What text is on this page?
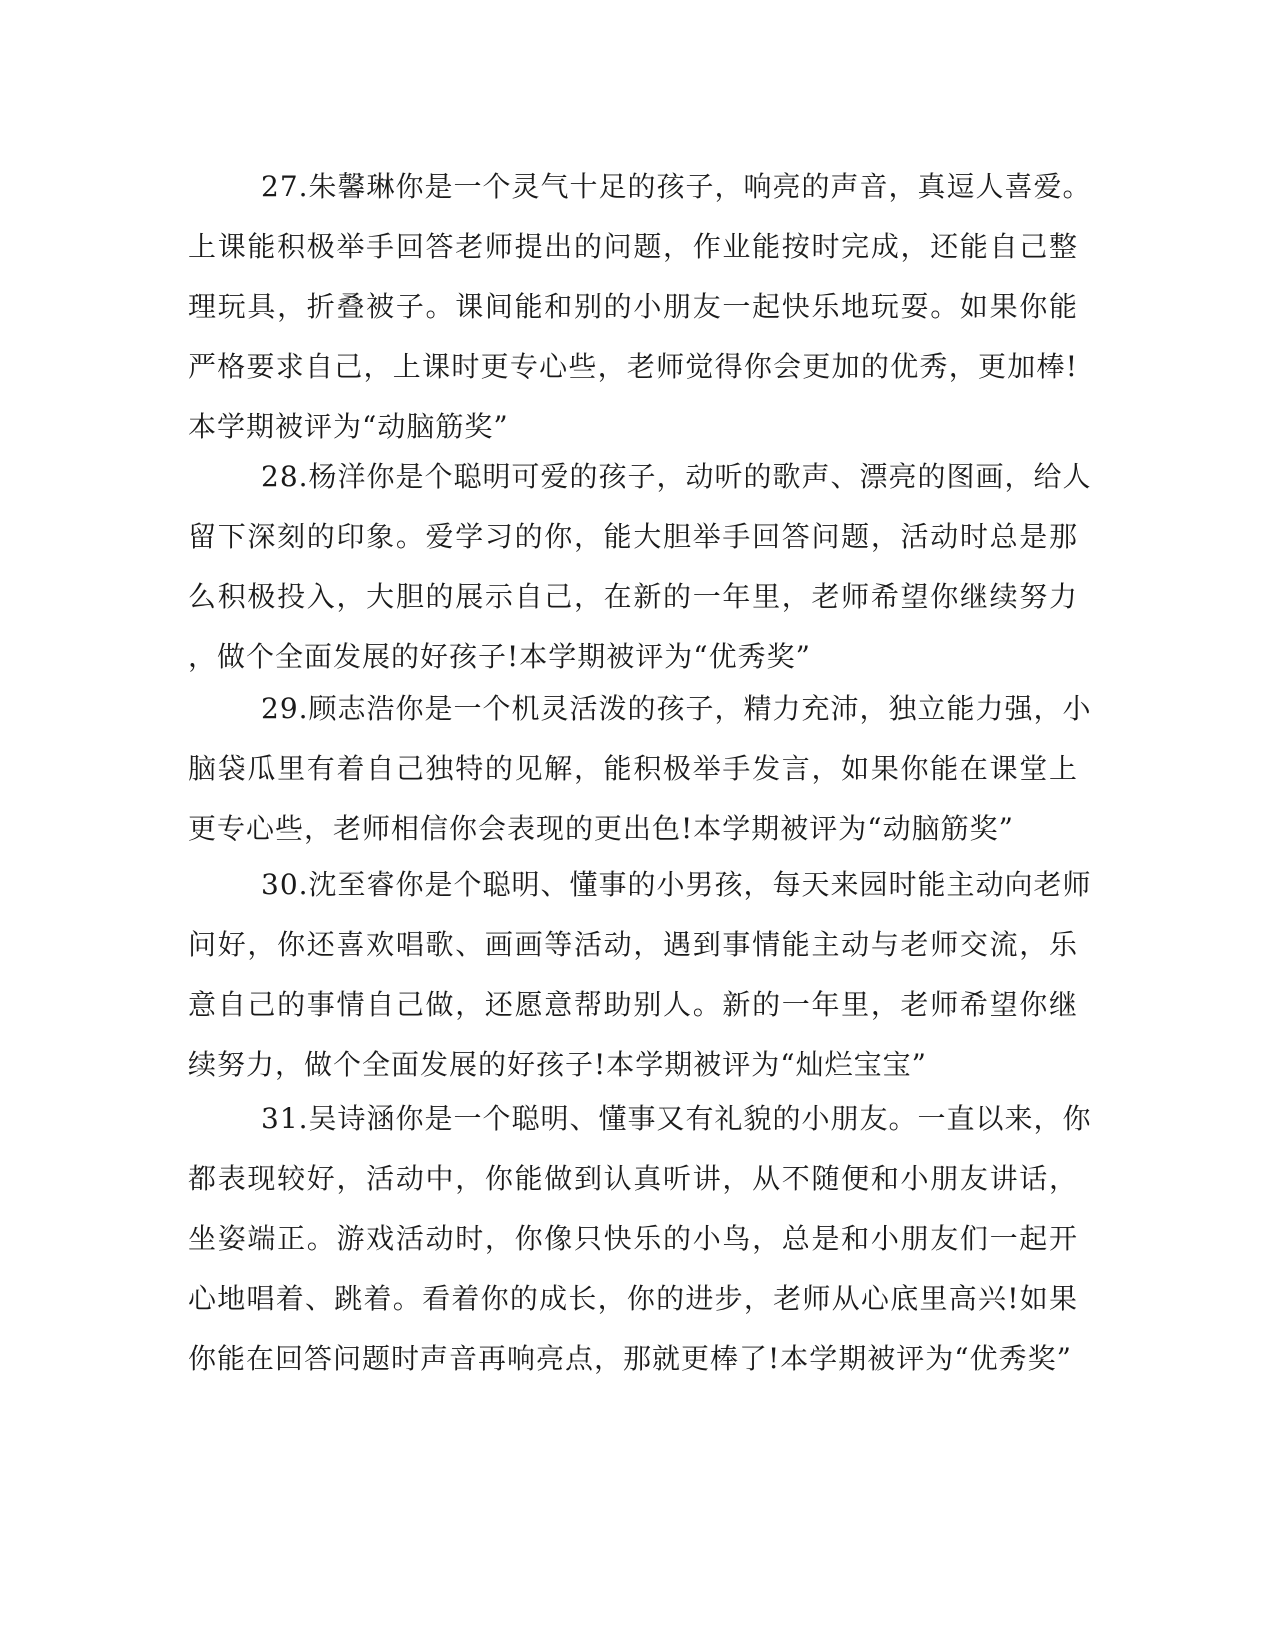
27.朱馨琳你是一个灵气十足的孩子，响亮的声音，真逗人喜爱。
上课能积极举手回答老师提出的问题，作业能按时完成，还能自己整
理玩具，折叠被子。课间能和别的小朋友一起快乐地玩耍。如果你能
严格要求自己，上课时更专心些，老师觉得你会更加的优秀，更加棒!
本学期被评为“动脑筋奖”
28.杨洋你是个聪明可爱的孩子，动听的歌声、漂亮的图画，给人
留下深刻的印象。爱学习的你，能大胆举手回答问题，活动时总是那
么积极投入，大胆的展示自己，在新的一年里，老师希望你继续努力
，做个全面发展的好孩子!本学期被评为“优秀奖”
29.顾志浩你是一个机灵活泼的孩子，精力充沛，独立能力强，小
脑袋瓜里有着自己独特的见解，能积极举手发言，如果你能在课堂上
更专心些，老师相信你会表现的更出色!本学期被评为“动脑筋奖”
30.沈至睿你是个聪明、懂事的小男孩，每天来园时能主动向老师
问好，你还喜欢唱歌、画画等活动，遇到事情能主动与老师交流，乐
意自己的事情自己做，还愿意帮助别人。新的一年里，老师希望你继
续努力，做个全面发展的好孩子!本学期被评为“灿烂宝宝”
31.吴诗涵你是一个聪明、懂事又有礼貌的小朋友。一直以来，你
都表现较好，活动中，你能做到认真听讲，从不随便和小朋友讲话，
坐姿端正。游戏活动时，你像只快乐的小鸟，总是和小朋友们一起开
心地唱着、跳着。看着你的成长，你的进步，老师从心底里高兴!如果
你能在回答问题时声音再响亮点，那就更棒了!本学期被评为“优秀奖”
